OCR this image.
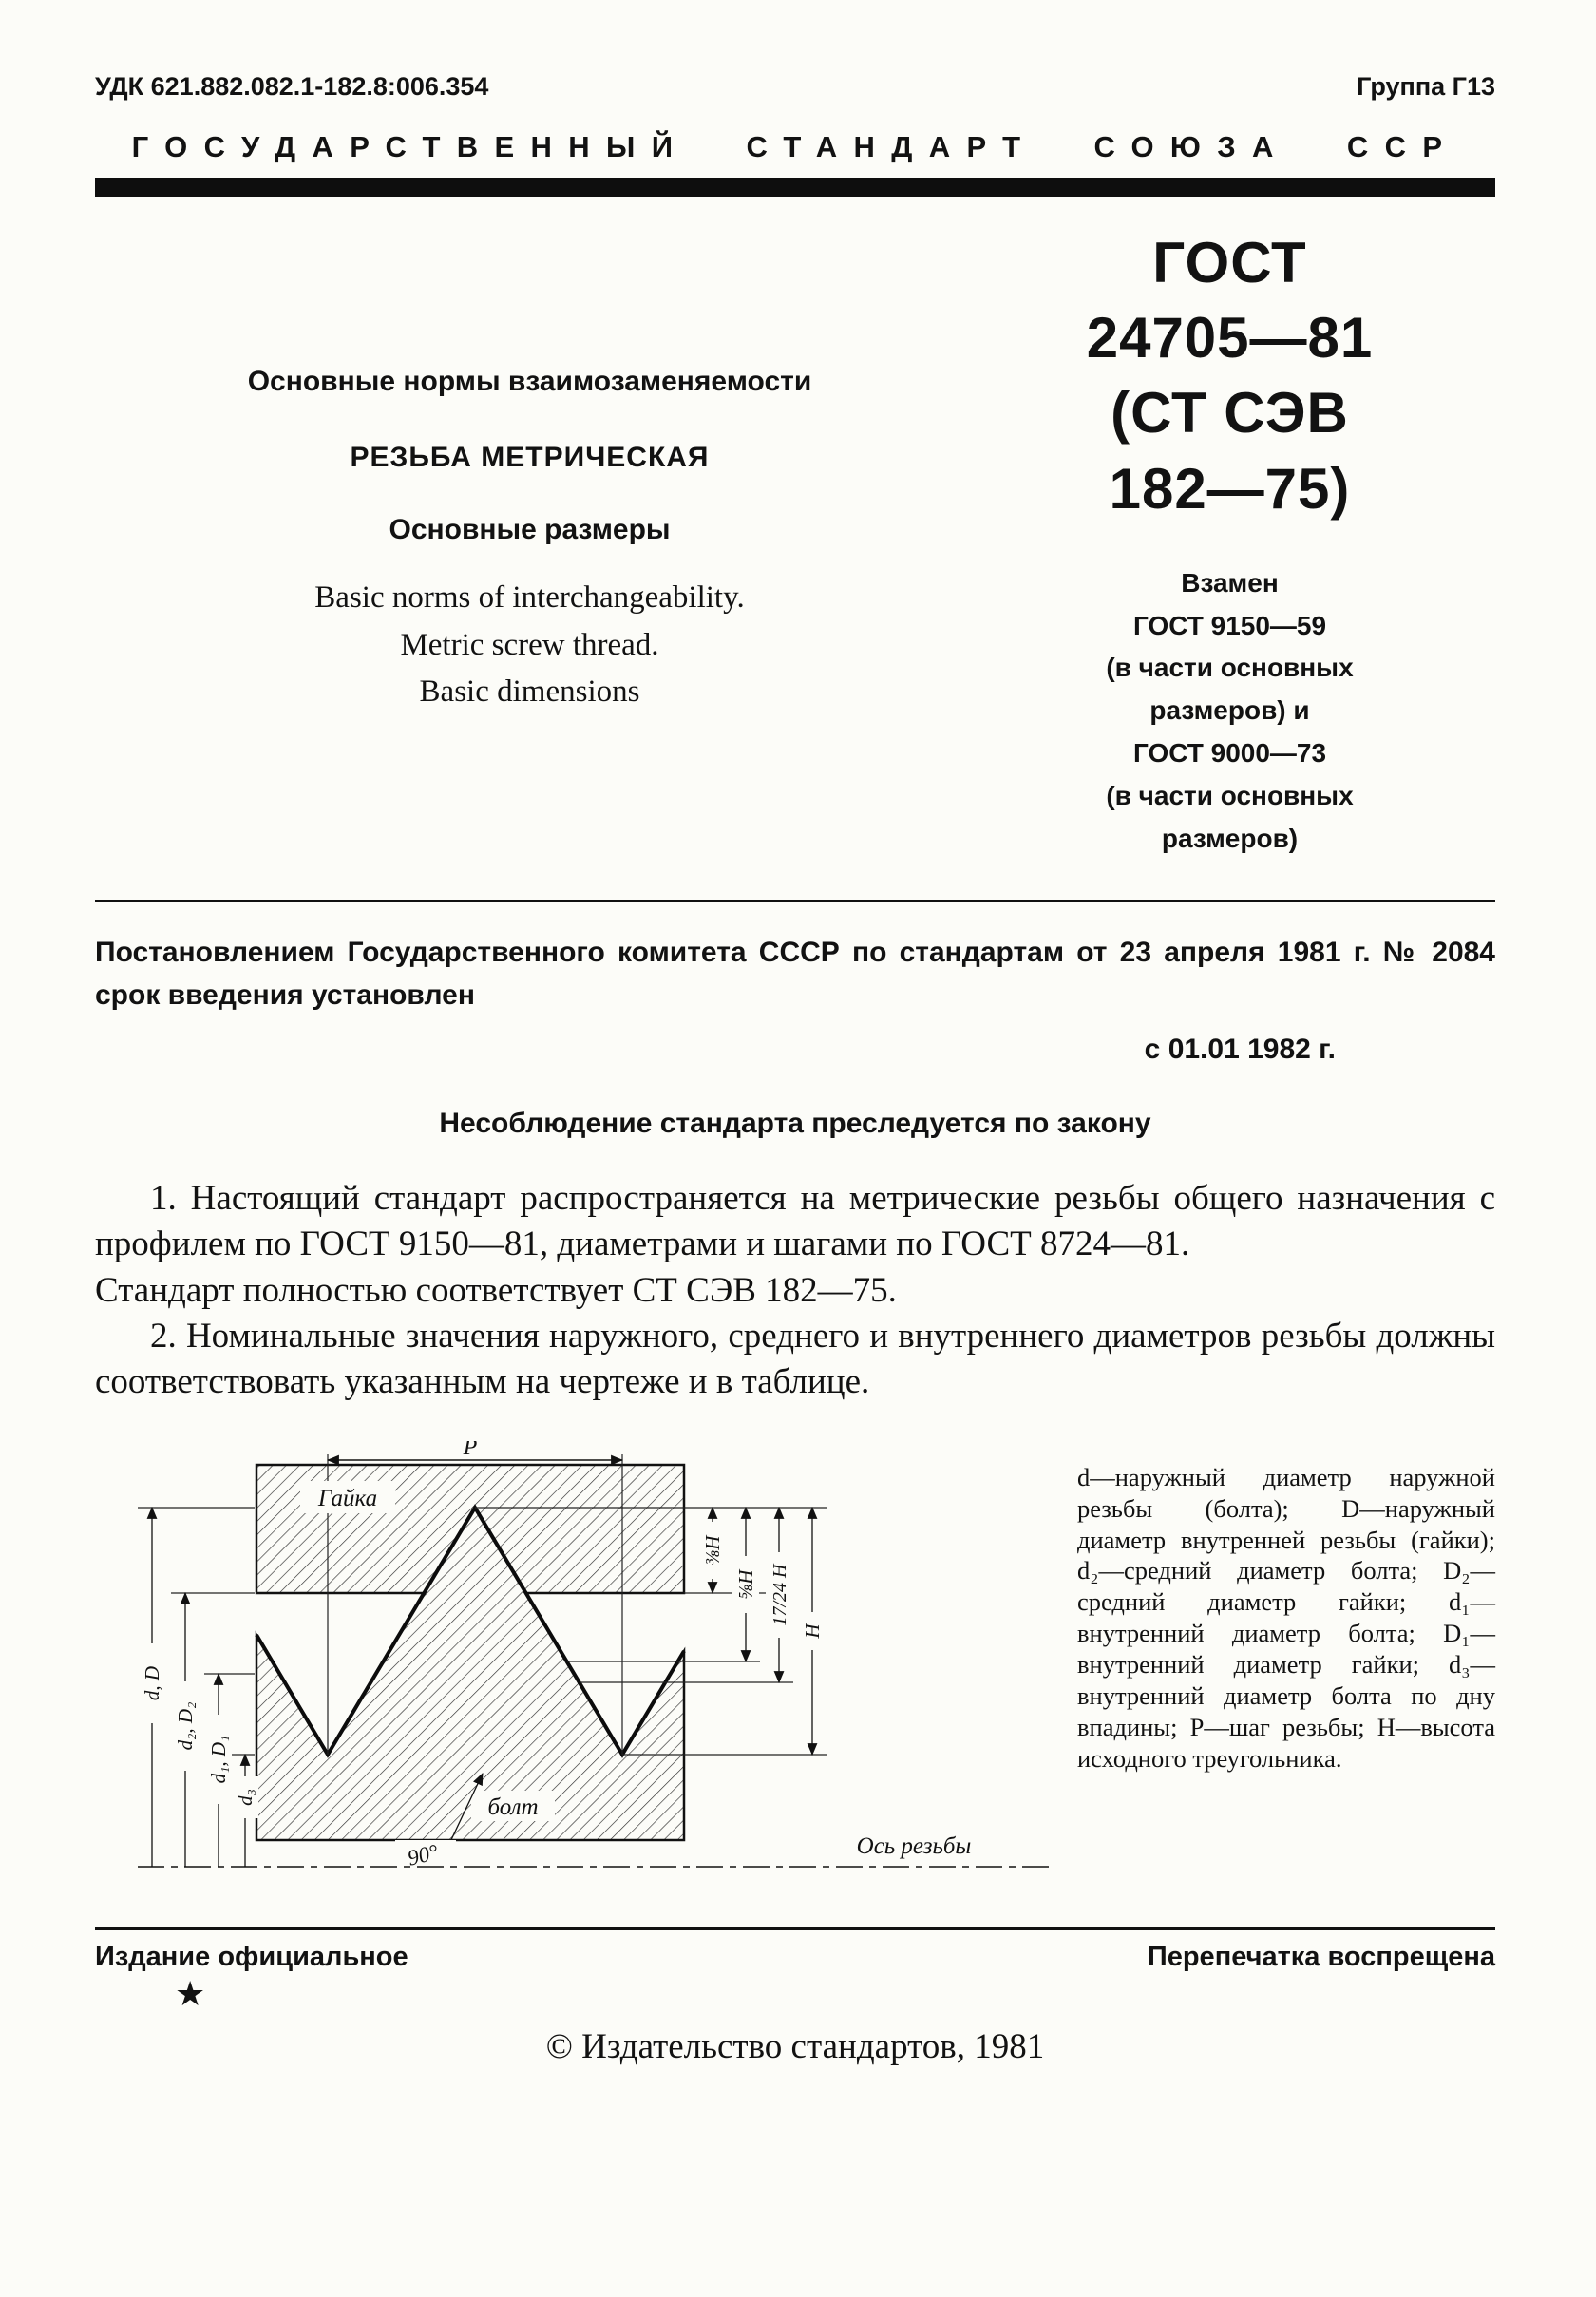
УДК 621.882.082.1-182.8:006.354	Группа Г13
ГОСУДАРСТВЕННЫЙ СТАНДАРТ СОЮЗА ССР
Основные нормы взаимозаменяемости
РЕЗЬБА МЕТРИЧЕСКАЯ
Основные размеры
Basic norms of interchangeability.
Metric screw thread.
Basic dimensions
ГОСТ
24705—81
(СТ СЭВ
182—75)
Взамен
ГОСТ 9150—59
(в части основных
размеров) и
ГОСТ 9000—73
(в части основных
размеров)
Постановлением Государственного комитета СССР по стандартам от 23 апреля 1981 г. № 2084 срок введения установлен
с 01.01 1982 г.
Несоблюдение стандарта преследуется по закону

1. Настоящий стандарт распространяется на метрические резьбы общего назначения с профилем по ГОСТ 9150—81, диаметрами и шагами по ГОСТ 8724—81.

Стандарт полностью соответствует СТ СЭВ 182—75.

2. Номинальные значения наружного, среднего и внутреннего диаметров резьбы должны соответствовать указанным на чертеже и в таблице.

P
⅜H
⅝H 17/24 H
H
d, D
d₂, D₂
d₁, D₁
d₃
Гайка
болт
90°	Ось резьбы
d—наружный диаметр наружной резьбы (болта); D—наружный диаметр внутренней резьбы (гайки); d₂—средний диаметр болта; D₂—средний диаметр гайки; d₁—внутренний диаметр болта; D₁—внутренний диаметр гайки; d₃—внутренний диаметр болта по дну впадины; P—шаг резьбы; H—высота исходного треугольника.
Издание официальное	Перепечатка воспрещена
★
© Издательство стандартов, 1981
